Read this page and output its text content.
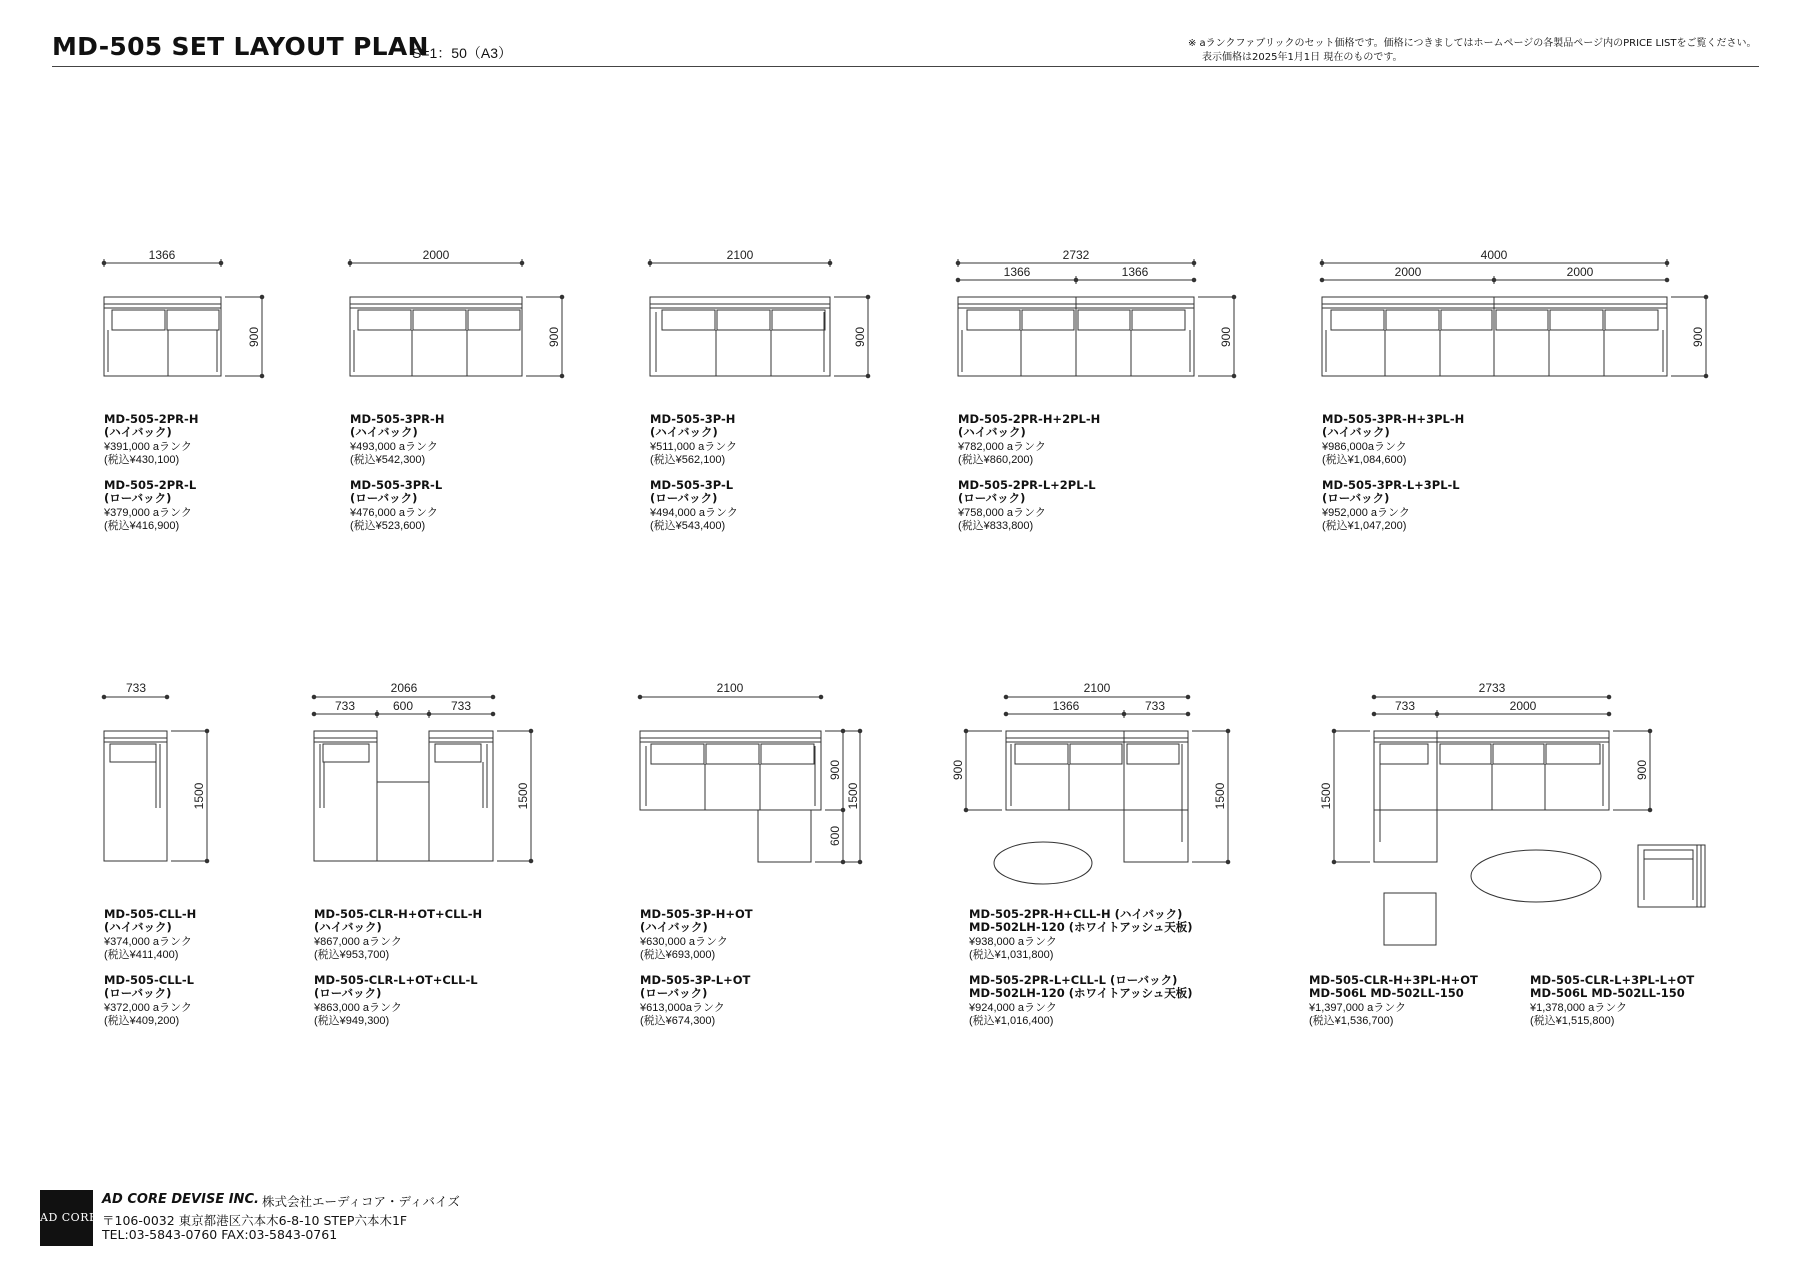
MD-505 SET LAYOUT PLAN
S=1：50（A3）
※ aランクファブリックのセット価格です。価格につきましてはホームページの各製品ページ内のPRICE LISTをご覧ください。
表示価格は2025年1月1日 現在のものです。
1366
900
2000
900
2100
900
2732
1366	1366
900
4000
2000	2000
900
733
1500
2066
733	600	733
1500
2100
900
600
1500
2100
1366	733
900
1500
2733
733	2000
1500
900
MD-505-2PR-H
(ハイバック)
¥391,000 aランク
(税込¥430,100)
MD-505-2PR-L
(ローバック)
¥379,000 aランク
(税込¥416,900)
MD-505-3PR-H
(ハイバック)
¥493,000 aランク
(税込¥542,300)
MD-505-3PR-L
(ローバック)
¥476,000 aランク
(税込¥523,600)
MD-505-3P-H
(ハイバック)
¥511,000 aランク
(税込¥562,100)
MD-505-3P-L
(ローバック)
¥494,000 aランク
(税込¥543,400)
MD-505-2PR-H+2PL-H
(ハイバック)
¥782,000 aランク
(税込¥860,200)
MD-505-2PR-L+2PL-L
(ローバック)
¥758,000 aランク
(税込¥833,800)
MD-505-3PR-H+3PL-H
(ハイバック)
¥986,000aランク
(税込¥1,084,600)
MD-505-3PR-L+3PL-L
(ローバック)
¥952,000 aランク
(税込¥1,047,200)
MD-505-CLL-H
(ハイバック)
¥374,000 aランク
(税込¥411,400)
MD-505-CLL-L
(ローバック)
¥372,000 aランク
(税込¥409,200)
MD-505-CLR-H+OT+CLL-H
(ハイバック)
¥867,000 aランク
(税込¥953,700)
MD-505-CLR-L+OT+CLL-L
(ローバック)
¥863,000 aランク
(税込¥949,300)
MD-505-3P-H+OT
(ハイバック)
¥630,000 aランク
(税込¥693,000)
MD-505-3P-L+OT
(ローバック)
¥613,000aランク
(税込¥674,300)
MD-505-2PR-H+CLL-H (ハイバック)
MD-502LH-120 (ホワイトアッシュ天板)
¥938,000 aランク
(税込¥1,031,800)
MD-505-2PR-L+CLL-L (ローバック)
MD-502LH-120 (ホワイトアッシュ天板)
¥924,000 aランク
(税込¥1,016,400)
MD-505-CLR-H+3PL-H+OT
MD-506L MD-502LL-150
¥1,397,000 aランク
(税込¥1,536,700)
MD-505-CLR-L+3PL-L+OT
MD-506L MD-502LL-150
¥1,378,000 aランク
(税込¥1,515,800)
AD CORE
AD CORE DEVISE INC. 株式会社エーディコア・ディバイズ
〒106-0032 東京都港区六本木6-8-10 STEP六本木1F
TEL:03-5843-0760 FAX:03-5843-0761
